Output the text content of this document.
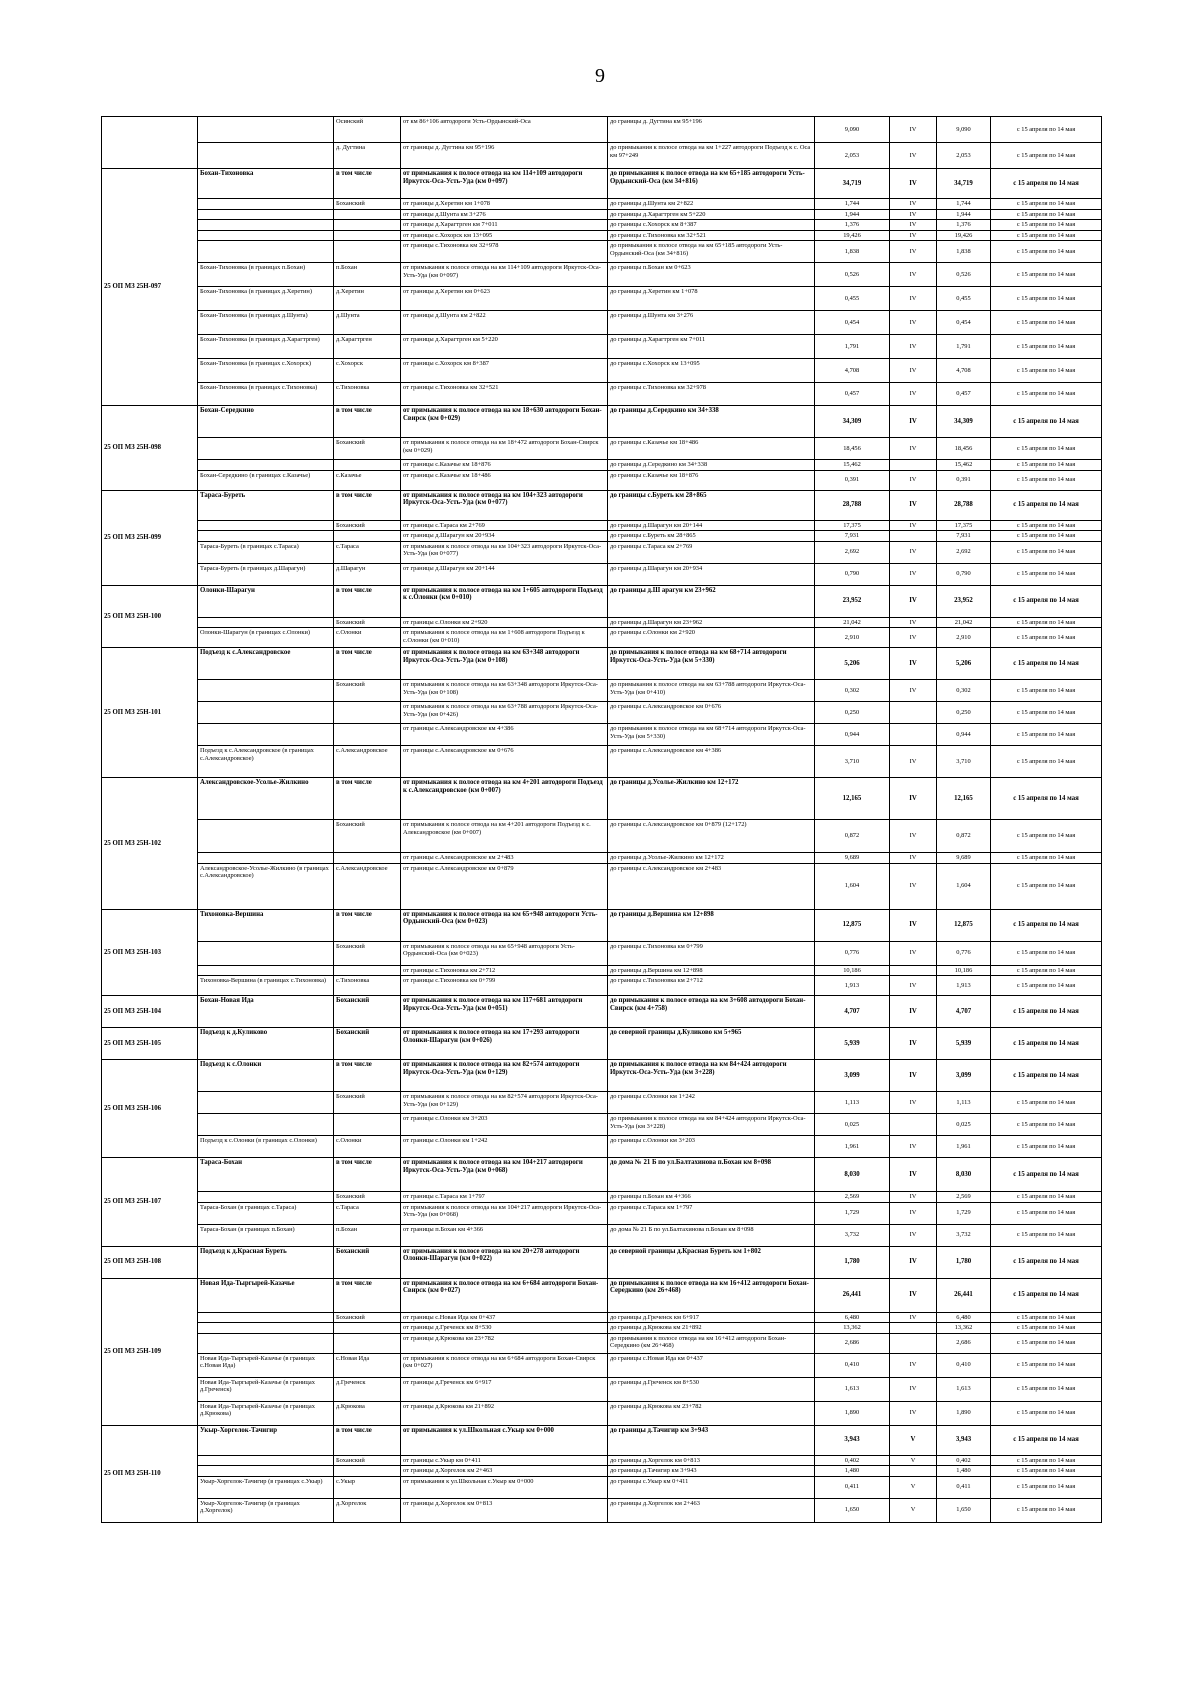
9
		Осинский	от км 86+106 автодороги Усть-Ордынский-Оса	до границы д. Дугтина км 95+196	9,090	IV	9,090	с 15 апреля по 14 мая
		д. Дугтина	от границы д. Дугтина км 95+196	до примыкания к полосе отвода на км 1+227 автодороги Подъезд к с. Оса км 97+249	2,053	IV	2,053	с 15 апреля по 14 мая
25 ОП МЗ 25Н-097	Бохан-Тихоновка	в том числе	от примыкания к полосе отвода на км 114+109 автодороги Иркутск-Оса-Усть-Уда (км 0+097)	до примыкания к полосе отвода на км 65+185 автодороги Усть-Ордынский-Оса (км 34+816)	34,719	IV	34,719	с 15 апреля по 14 мая
		Боханский	от границы д.Херетин км 1+078	до границы д.Шунта км 2+822	1,744	IV	1,744	с 15 апреля по 14 мая
			от границы д.Шунта км 3+276	до границы д.Харагтрген км 5+220	1,944	IV	1,944	с 15 апреля по 14 мая
			от границы д.Харагтрген км 7+011	до границы с.Хохорск км 8+387	1,376	IV	1,376	с 15 апреля по 14 мая
			от границы с.Хохорск км 13+095	до границы с.Тихоновка км 32+521	19,426	IV	19,426	с 15 апреля по 14 мая
			от границы с.Тихоновка км 32+978	до примыкания к полосе отвода на км 65+185 автодороги Усть-Ордынский-Оса (км 34+816)	1,838	IV	1,838	с 15 апреля по 14 мая
	Бохан-Тихоновка (в границах п.Бохан)	п.Бохан	от примыкания к полосе отвода на км 114+109 автодороги Иркутск-Оса-Усть-Уда (км 0+097)	до границы п.Бохан км 0+623	0,526	IV	0,526	с 15 апреля по 14 мая
	Бохан-Тихоновка (в границах д.Херетин)	д.Херетин	от границы д.Херетин км 0+623	до границы д.Херетин км 1+078	0,455	IV	0,455	с 15 апреля по 14 мая
	Бохан-Тихоновка (в границах д.Шунта)	д.Шунта	от границы д.Шунта км 2+822	до границы д.Шунта км 3+276	0,454	IV	0,454	с 15 апреля по 14 мая
	Бохан-Тихоновка (в границах д.Харагтрген)	д.Харагтрген	от границы д.Харагтрген км 5+220	до границы д.Харагтрген км 7+011	1,791	IV	1,791	с 15 апреля по 14 мая
	Бохан-Тихоновка (в границах с.Хохорск)	с.Хохорск	от границы с.Хохорск км 8+387	до границы с.Хохорск км 13+095	4,708	IV	4,708	с 15 апреля по 14 мая
	Бохан-Тихоновка (в границах с.Тихоновка)	с.Тихоновка	от границы с.Тихоновка км 32+521	до границы с.Тихоновка км 32+978	0,457	IV	0,457	с 15 апреля по 14 мая
25 ОП МЗ 25Н-098	Бохан-Середкино	в том числе	от примыкания к полосе отвода на км 18+630 автодороги Бохан-Свирск (км 0+029)	до границы д.Середкино км 34+338	34,309	IV	34,309	с 15 апреля по 14 мая
		Боханский	от примыкания к полосе отвода на км 18+472 автодороги Бохан-Свирск (км 0+029)	до границы с.Казачье км 18+486	18,456	IV	18,456	с 15 апреля по 14 мая
			от границы с.Казачье км 18+876	до границы д.Середкино км 34+338	15,462		15,462	с 15 апреля по 14 мая
	Бохан-Середкино (в границах с.Казачье)	с.Казачье	от границы с.Казачье км 18+486	до границы с.Казачье км 18+876	0,391	IV	0,391	с 15 апреля по 14 мая
25 ОП МЗ 25Н-099	Тараса-Буреть	в том числе	от примыкания к полосе отвода на км 104+323 автодороги Иркутск-Оса-Усть-Уда (км 0+077)	до границы с.Буреть км 28+865	28,788	IV	28,788	с 15 апреля по 14 мая
		Боханский	от границы с.Тараса км 2+769	до границы д.Шарагун км 20+144	17,375	IV	17,375	с 15 апреля по 14 мая
			от границы д.Шарагун км 20+934	до границы с.Буреть км 28+865	7,931		7,931	с 15 апреля по 14 мая
	Тараса-Буреть (в границах с.Тараса)	с.Тараса	от примыкания к полосе отвода на км 104+323 автодороги Иркутск-Оса-Усть-Уда (км 0+077)	до границы с.Тараса км 2+769	2,692	IV	2,692	с 15 апреля по 14 мая
	Тараса-Буреть (в границах д.Шарагун)	д.Шарагун	от границы д.Шарагун км 20+144	до границы д.Шарагун км 20+934	0,790	IV	0,790	с 15 апреля по 14 мая
25 ОП МЗ 25Н-100	Олонки-Шарагун	в том числе	от примыкания к полосе отвода на км 1+605 автодороги Подъезд к с.Олонки (км 0+010)	до границы д.Ш арагун км 23+962	23,952	IV	23,952	с 15 апреля по 14 мая
		Боханский	от границы с.Олонки км 2+920	до границы д.Шарагун км 23+962	21,042	IV	21,042	с 15 апреля по 14 мая
	Олонки-Шарагун (в границах с.Олонки)	с.Олонки	от примыкания к полосе отвода на км 1+608 автодороги Подъезд к с.Олонки (км 0+010)	до границы с.Олонки км 2+920	2,910	IV	2,910	с 15 апреля по 14 мая
25 ОП МЗ 25Н-101	Подъезд к с.Александровское	в том числе	от примыкания к полосе отвода на км 63+348 автодороги Иркутск-Оса-Усть-Уда (км 0+108)	до примыкания к полосе отвода на км 68+714 автодороги Иркутск-Оса-Усть-Уда (км 5+330)	5,206	IV	5,206	с 15 апреля по 14 мая
		Боханский	от примыкания к полосе отвода на км 63+348 автодороги Иркутск-Оса-Усть-Уда (км 0+108)	до примыкания к полосе отвода на км 63+788 автодороги Иркутск-Оса-Усть-Уда (км 0+410)	0,302	IV	0,302	с 15 апреля по 14 мая
			от примыкания к полосе отвода на км 63+788 автодороги Иркутск-Оса-Усть-Уда (км 0+426)	до границы с.Александровское км 0+676	0,250		0,250	с 15 апреля по 14 мая
			от границы с.Александровское км 4+386	до примыкания к полосе отвода на км 68+714 автодороги Иркутск-Оса-Усть-Уда (км 5+330)	0,944		0,944	с 15 апреля по 14 мая
	Подъезд к с.Александровское (в границах с.Александровское)	с.Александровское	от границы с.Александровское км 0+676	до границы с.Александровское км 4+386	3,710	IV	3,710	с 15 апреля по 14 мая
25 ОП МЗ 25Н-102	Александровское-Усолье-Жилкино	в том числе	от примыкания к полосе отвода на км 4+201 автодороги Подъезд к с.Александровское (км 0+007)	до границы д.Усолье-Жилкино км 12+172	12,165	IV	12,165	с 15 апреля по 14 мая
		Боханский	от примыкания к полосе отвода на км 4+201 автодороги Подъезд к с. Александровское (км 0+007)	до границы с.Александровское км 0+879 (12+172)	0,872	IV	0,872	с 15 апреля по 14 мая
			от границы с.Александровское км 2+483	до границы д.Усолье-Жилкино км 12+172	9,689	IV	9,689	с 15 апреля по 14 мая
	Александровское-Усолье-Жилкино (в границах с.Александровское)	с.Александровское	от границы с.Александровское км 0+879	до границы с.Александровское км 2+483	1,604	IV	1,604	с 15 апреля по 14 мая
25 ОП МЗ 25Н-103	Тихоновка-Вершина	в том числе	от примыкания к полосе отвода на км 65+948 автодороги Усть-Ордынский-Оса (км 0+023)	до границы д.Вершина км 12+898	12,875	IV	12,875	с 15 апреля по 14 мая
		Боханский	от примыкания к полосе отвода на км 65+948 автодороги Усть-Ордынский-Оса (км 0+023)	до границы с.Тихоновка км 0+799	0,776	IV	0,776	с 15 апреля по 14 мая
			от границы с.Тихоновка км 2+712	до границы д.Вершина км 12+898	10,186		10,186	с 15 апреля по 14 мая
	Тихоновка-Вершина (в границах с.Тихоновка)	с.Тихоновка	от границы с.Тихоновка км 0+799	до границы с.Тихоновка км 2+712	1,913	IV	1,913	с 15 апреля по 14 мая
25 ОП МЗ 25Н-104	Бохан-Новая Ида	Боханский	от примыкания к полосе отвода на км 117+681 автодороги Иркутск-Оса-Усть-Уда (км 0+051)	до примыкания к полосе отвода на км 3+608 автодороги Бохан-Свирск (км 4+758)	4,707	IV	4,707	с 15 апреля по 14 мая
25 ОП МЗ 25Н-105	Подъезд к д.Куликово	Боханский	от примыкания к полосе отвода на км 17+293 автодороги Олонки-Шарагун (км 0+026)	до северной границы д.Куликово км 5+965	5,939	IV	5,939	с 15 апреля по 14 мая
25 ОП МЗ 25Н-106	Подъезд к с.Олонки	в том числе	от примыкания к полосе отвода на км 82+574 автодороги Иркутск-Оса-Усть-Уда (км 0+129)	до примыкания к полосе отвода на км 84+424 автодороги Иркутск-Оса-Усть-Уда (км 3+228)	3,099	IV	3,099	с 15 апреля по 14 мая
		Боханский	от примыкания к полосе отвода на км 82+574 автодороги Иркутск-Оса-Усть-Уда (км 0+129)	до границы с.Олонки км 1+242	1,113	IV	1,113	с 15 апреля по 14 мая
			от границы с.Олонки км 3+203	до примыкания к полосе отвода на км 84+424 автодороги Иркутск-Оса-Усть-Уда (км 3+228)	0,025		0,025	с 15 апреля по 14 мая
	Подъезд к с.Олонки (в границах с.Олонки)	с.Олонки	от границы с.Олонки км 1+242	до границы с.Олонки км 3+203	1,961	IV	1,961	с 15 апреля по 14 мая
25 ОП МЗ 25Н-107	Тараса-Бохан	в том числе	от примыкания к полосе отвода на км 104+217 автодороги Иркутск-Оса-Усть-Уда (км 0+068)	до дома № 21 Б по ул.Балтахинова п.Бохан км 8+098	8,030	IV	8,030	с 15 апреля по 14 мая
		Боханский	от границы с.Тараса км 1+797	до границы п.Бохан км 4+366	2,569	IV	2,569	с 15 апреля по 14 мая
	Тараса-Бохан (в границах с.Тараса)	с.Тараса	от примыкания к полосе отвода на км 104+217 автодороги Иркутск-Оса-Усть-Уда (км 0+068)	до границы с.Тараса км 1+797	1,729	IV	1,729	с 15 апреля по 14 мая
	Тараса-Бохан (в границах п.Бохан)	п.Бохан	от границы п.Бохан км 4+366	до дома № 21 Б по ул.Балтахинова п.Бохан км 8+098	3,732	IV	3,732	с 15 апреля по 14 мая
25 ОП МЗ 25Н-108	Подъезд к д.Красная Буреть	Боханский	от примыкания к полосе отвода на км 20+278 автодороги Олонки-Шарагун (км 0+022)	до северной границы д.Красная Буреть км 1+802	1,780	IV	1,780	с 15 апреля по 14 мая
25 ОП МЗ 25Н-109	Новая Ида-Тыргырей-Казачье	в том числе	от примыкания к полосе отвода на км 6+684 автодороги Бохан-Свирск (км 0+027)	до примыкания к полосе отвода на км 16+412 автодороги Бохан-Середкино (км 26+468)	26,441	IV	26,441	с 15 апреля по 14 мая
		Боханский	от границы с.Новая Ида км 0+437	до границы д.Греченск км 6+917	6,480	IV	6,480	с 15 апреля по 14 мая
			от границы д.Греченск км 8+530	до границы д.Крюкова км 21+892	13,362		13,362	с 15 апреля по 14 мая
			от границы д.Крюкова км 23+782	до примыкания к полосе отвода на км 16+412 автодороги Бохан-Середкино (км 26+468)	2,686		2,686	с 15 апреля по 14 мая
	Новая Ида-Тыргырей-Казачье (в границах с.Новая Ида)	с.Новая Ида	от примыкания к полосе отвода на км 6+684 автодороги Бохан-Свирск (км 0+027)	до границы с.Новая Ида км 0+437	0,410	IV	0,410	с 15 апреля по 14 мая
	Новая Ида-Тыргырей-Казачье (в границах д.Греченск)	д.Греченск	от границы д.Греченск км 6+917	до границы д.Греченск км 8+530	1,613	IV	1,613	с 15 апреля по 14 мая
	Новая Ида-Тыргырей-Казачье (в границах д.Крюкова)	д.Крюкова	от границы д.Крюкова км 21+892	до границы д.Крюкова км 23+782	1,890	IV	1,890	с 15 апреля по 14 мая
25 ОП МЗ 25Н-110	Укыр-Хоргелок-Тачигир	в том числе	от примыкания к ул.Школьная с.Укыр км 0+000	до границы д.Тачигир км 3+943	3,943	V	3,943	с 15 апреля по 14 мая
		Боханский	от границы с.Укыр км 0+411	до границы д.Хоргелок км 0+813	0,402	V	0,402	с 15 апреля по 14 мая
			от границы д.Хоргелок км 2+463	до границы д.Тачигир км 3+943	1,480		1,480	с 15 апреля по 14 мая
	Укыр-Хоргелок-Тачигир (в границах с.Укыр)	с.Укыр	от примыкания к ул.Школьная с.Укыр км 0+000	до границы с.Укыр км 0+411	0,411	V	0,411	с 15 апреля по 14 мая
	Укыр-Хоргелок-Тачигир (в границах д.Хоргелок)	д.Хоргелок	от границы д.Хоргелок км 0+813	до границы д.Хоргелок км 2+463	1,650	V	1,650	с 15 апреля по 14 мая
